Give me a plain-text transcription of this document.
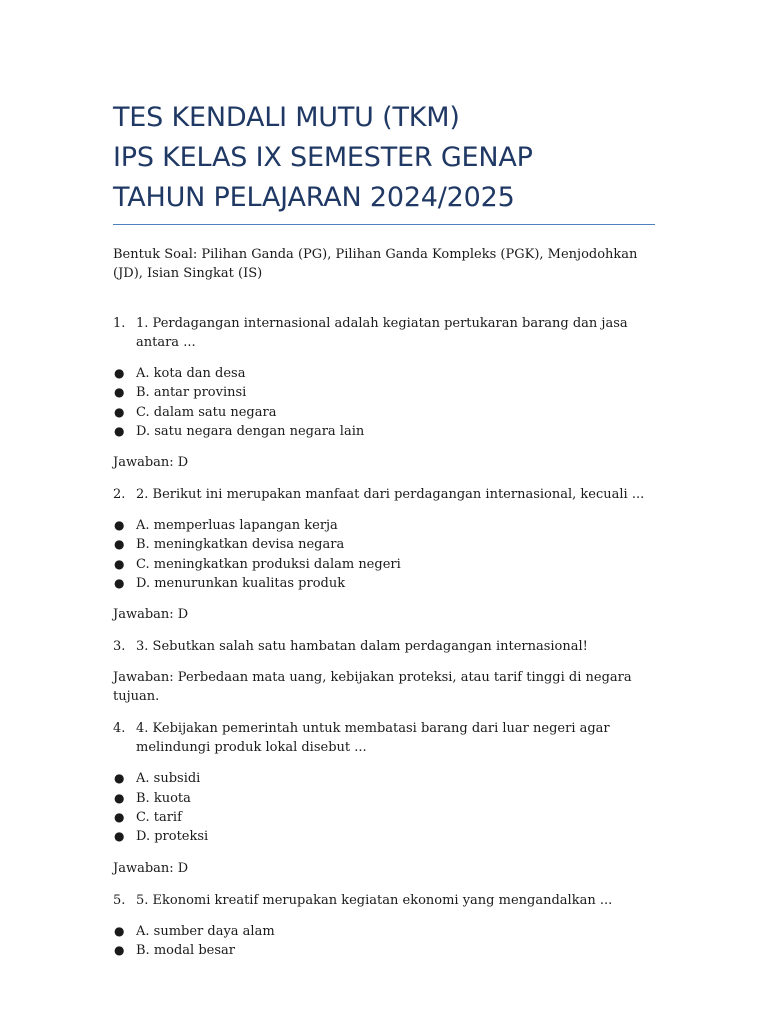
TES KENDALI MUTU (TKM)
IPS KELAS IX SEMESTER GENAP
TAHUN PELAJARAN 2024/2025

Bentuk Soal: Pilihan Ganda (PG), Pilihan Ganda Kompleks (PGK), Menjodohkan (JD), Isian Singkat (IS)

1. 1. Perdagangan internasional adalah kegiatan pertukaran barang dan jasa antara ...
● A. kota dan desa
● B. antar provinsi
● C. dalam satu negara
● D. satu negara dengan negara lain

Jawaban: D

2. 2. Berikut ini merupakan manfaat dari perdagangan internasional, kecuali ...
● A. memperluas lapangan kerja
● B. meningkatkan devisa negara
● C. meningkatkan produksi dalam negeri
● D. menurunkan kualitas produk

Jawaban: D

3. 3. Sebutkan salah satu hambatan dalam perdagangan internasional!

Jawaban: Perbedaan mata uang, kebijakan proteksi, atau tarif tinggi di negara tujuan.

4. 4. Kebijakan pemerintah untuk membatasi barang dari luar negeri agar melindungi produk lokal disebut ...
● A. subsidi
● B. kuota
● C. tarif
● D. proteksi

Jawaban: D

5. 5. Ekonomi kreatif merupakan kegiatan ekonomi yang mengandalkan ...
● A. sumber daya alam
● B. modal besar
